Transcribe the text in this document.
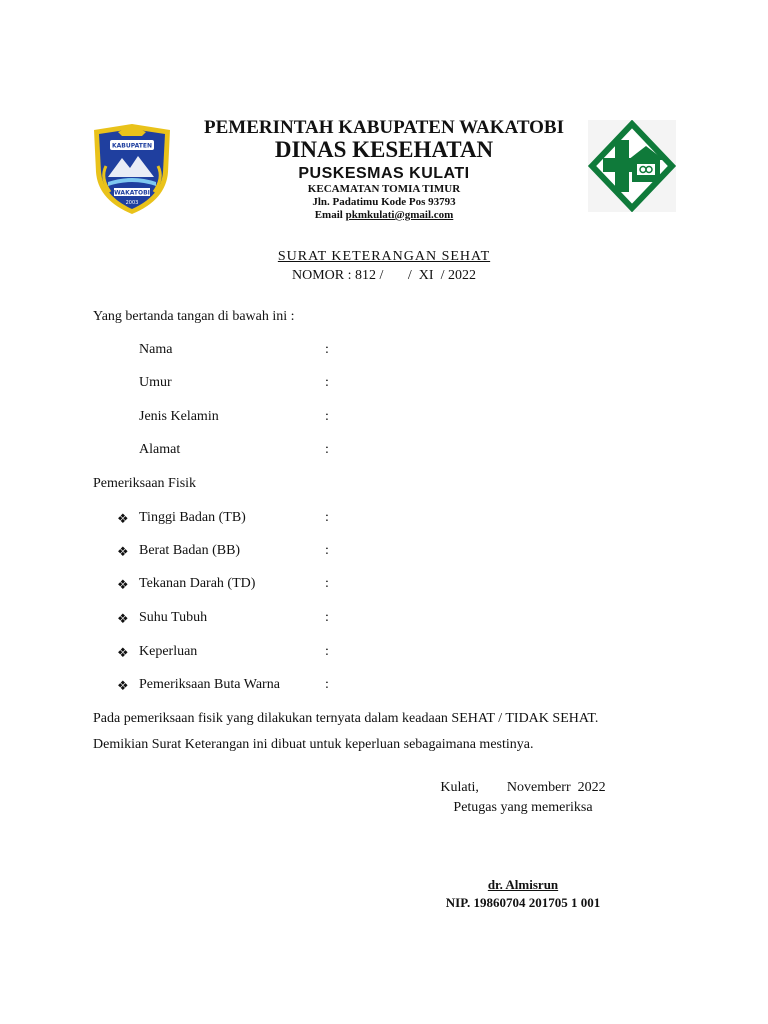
KABUPATEN
WAKATOBI
2003
PEMERINTAH KABUPATEN WAKATOBI
DINAS KESEHATAN
PUSKESMAS KULATI
KECAMATAN TOMIA TIMUR
Jln. Padatimu Kode Pos 93793
Email pkmkulati@gmail.com
SURAT KETERANGAN SEHAT
NOMOR : 812 /       /  XI  / 2022
Yang bertanda tangan di bawah ini :
Nama	:
Umur	:
Jenis Kelamin	:
Alamat	:
Pemeriksaan Fisik
❖ Tinggi Badan (TB)	:
❖ Berat Badan (BB)	:
❖ Tekanan Darah (TD)	:
❖ Suhu Tubuh	:
❖ Keperluan	:
❖ Pemeriksaan Buta Warna	:
Pada pemeriksaan fisik yang dilakukan ternyata dalam keadaan SEHAT / TIDAK SEHAT.
Demikian Surat Keterangan ini dibuat untuk keperluan sebagaimana mestinya.
Kulati,        Novemberr  2022
Petugas yang memeriksa
dr. Almisrun
NIP. 19860704 201705 1 001
